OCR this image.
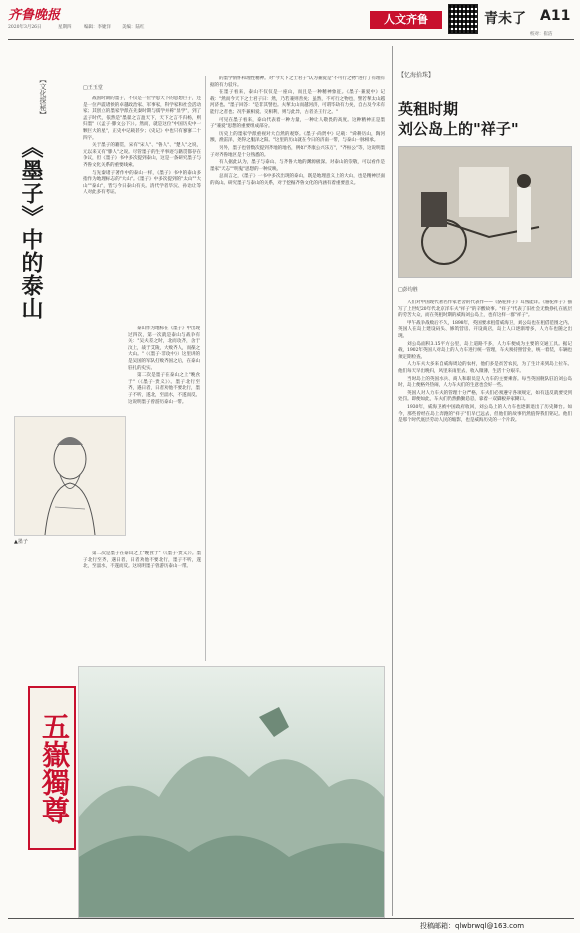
齐鲁晚报
2020年3月26日	星期四	编辑：李婕洋 美编：陆红
人文齐鲁	青未了 A11
校对：崔洁
【文化探秘】
《墨子》中的泰山
□王玉堂

战国时期的墨子，不仅是一位学思天下的思想巨子，还是一位声震诸侯的卓越政治家、军事家，科学家和社会活动家；其创立的墨家学派在先秦时期与儒学并称"显学"，到了孟子时代，依然是"墨翟之言盈天下，天下之言不归杨，则归墨"（《孟子·滕文公下》）。然而，就是这位"中国历史中一颗巨大的星"，正史中记载甚少；《史记》中也只有寥寥二十四字。

关于墨子的籍贯，宋有"宋人"、"鲁人"、"楚人"之说，元以来又有"滕人"之说。尽管墨子的生平事迹与籍贯都存在争议，但《墨子》书中多次提到泰山，这是一条研究墨子与齐鲁文化关系的重要线索。

与先秦诸子著作中的泰山一样，《墨子》书中的泰山多指作为地理标志的"大山"。《墨子》中多次提到的"太山""大山""泰山"，皆与今日泰山有关。清代学者毕沅、孙诒让等人对此多有考证。

▲墨子

泰山作为地标在《墨子》中出现过四次，第一次就是泰山与战争有关："吴夫差之时，北而攻齐，舍于汶上，战于艾陵，大败齐人，而葆之大山。"（《墨子·非攻中》）这里讲的是吴国的军队打败齐国之后，在泰山驻扎的史实。

第二次是墨子在泰山之上"晚食于"（《墨子·贵义》）。墨子北行至齐，遇日者，日者劝他不要北行，墨子不听，遂北，至淄水，不遂而反。这说明墨子曾游历泰山一带。

第二次是墨子在泰山之上"晚食于"（《墨子·贵义》）。墨子北行至齐，遇日者，日者劝他不要北行，墨子不听，遂北，至淄水，不遂而反。这说明墨子曾游历泰山一带。

的墨学情怀和理性精神。对"今天下之士君子"认为兼爱是"不可行之物"进行了有理有据的有力驳斥。

在墨子看来，泰山不仅仅是一座山，而且是一种精神象征。《墨子·兼爱中》记载："然而今天下之士君子曰：然，乃若兼则善矣；虽然，不可行之物也，譬若挈太山越河济也。"墨子回答："是非其譬也。夫挈太山而越河济，可谓毕劫有力矣，自古及今未有能行之者也；况乎兼相爱、交相利，则与此异，古者圣王行之。"

可见在墨子看来，泰山代表着一种力量，一种让人敬畏的高度。这种精神正是墨子"兼爱"思想的重要组成部分。

历史上的墨家学派重视对大自然的观察。《墨子·尚贤中》记载："舜耕历山，陶河濒，渔雷泽，尧得之服泽之阳。"这里的历山就在今日的济南一带，与泰山一脉相承。

另外，墨子也曾数次提到齐地的地名，例如"齐康公兴乐万"，"齐桓公"等，这说明墨子对齐鲁地区是十分熟悉的。

有人据此认为，墨子与泰山、与齐鲁大地的渊源极深。对泰山的崇敬，可以看作是墨家"天志""明鬼"思想的一种反映。

总而言之，《墨子》一书中多次出现的泰山，既是地理意义上的大山，也是精神层面的高山。研究墨子与泰山的关系，对于挖掘齐鲁文化的内涵有着重要意义。

五嶽獨尊
【忆海拾珠】
英租时期
刘公岛上的"祥子"
□彭均胜

人们对中国现代著名作家老舍的代表作——《骆驼祥子》耳熟能详。《骆驼祥子》描写了上世纪20年代北京洋车夫"祥子"的辛酸故事。"祥子"代表了旧社会无数挣扎在底层的劳苦大众，而在英租时期的威海刘公岛上，也有这样一群"祥子"。

甲午战争战败后不久，1898年，英国要求租借威海卫，刘公岛也在租借范围之内。英国人在岛上建设码头、修筑营房、开设商店，岛上人口逐渐增多，人力车也随之出现。

刘公岛面积3.15平方公里，岛上道路不多，人力车便成为主要的交通工具。据记载，1902年英国人对岛上的人力车进行统一管理，车夫须持照营业，统一着装，车辆也须定期检查。

人力车夫大多来自威海周边的农村，他们多是贫苦农民，为了生计来到岛上拉车。他们每天早出晚归，风里来雨里去，收入微薄，生活十分艰辛。

当时岛上的英国水兵、商人和职员是人力车的主要乘客。每当英国舰队驻泊刘公岛时，岛上便格外热闹，人力车夫们的生意也会好一些。

英国人对人力车夫的管理十分严格，车夫们必须遵守各项规定，如有违反就要受到处罚。即便如此，车夫们仍然勤勤恳恳，靠着一双脚板养家糊口。

1930年，威海卫被中国政府收回，刘公岛上的人力车也逐渐退出了历史舞台。如今，那些曾经在岛上奔跑的"祥子"们早已远去，但他们的故事仍然值得我们铭记。他们是那个时代底层劳动人民的缩影，也是威海历史的一个片段。

投稿邮箱：qlwbrwql@163.com
